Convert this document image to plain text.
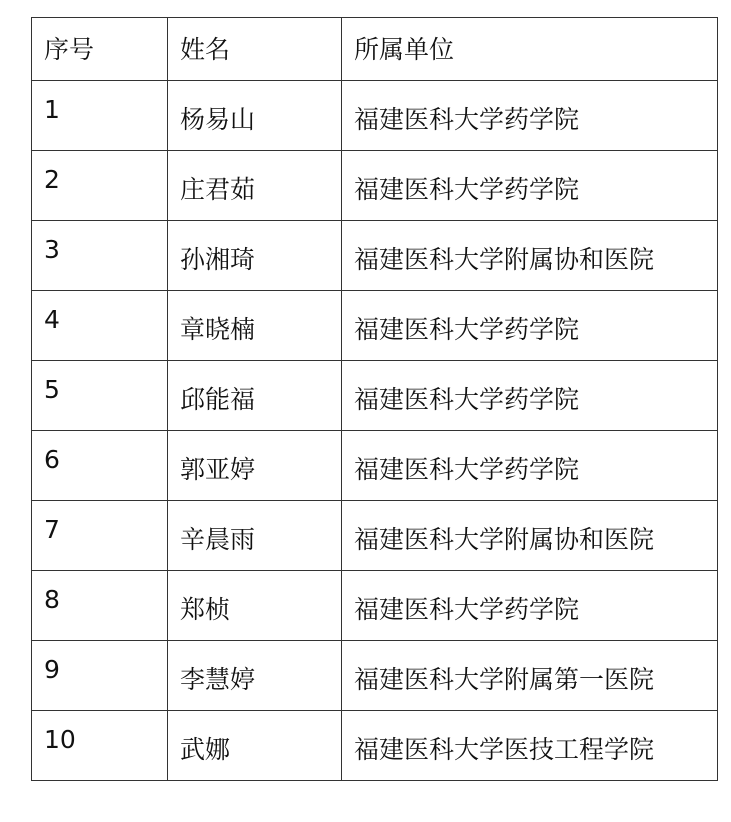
序号	姓名	所属单位
1	杨易山	福建医科大学药学院
2	庄君茹	福建医科大学药学院
3	孙湘琦	福建医科大学附属协和医院
4	章晓楠	福建医科大学药学院
5	邱能福	福建医科大学药学院
6	郭亚婷	福建医科大学药学院
7	辛晨雨	福建医科大学附属协和医院
8	郑桢	福建医科大学药学院
9	李慧婷	福建医科大学附属第一医院
10	武娜	福建医科大学医技工程学院
